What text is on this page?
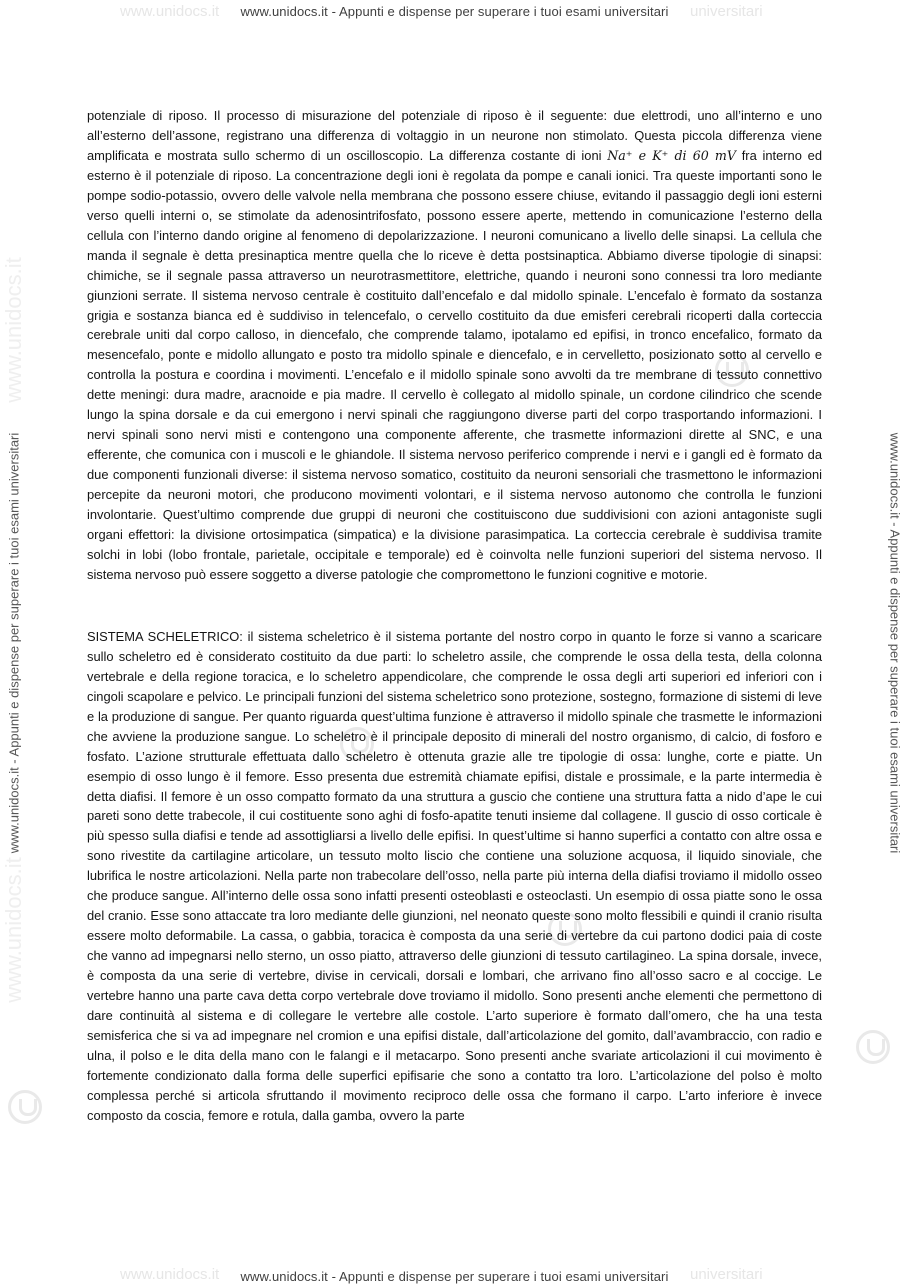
www.unidocs.it	universitari
www.unidocs.it	universitari
www.unidocs.it - Appunti e dispense per superare i tuoi esami universitari
www.unidocs.it
www.unidocs.it
www.unidocs.it - Appunti e dispense per superare i tuoi esami universitari	www.unidocs.it - Appunti e dispense per superare i tuoi esami universitari

potenziale di riposo. Il processo di misurazione del potenziale di riposo è il seguente: due elettrodi, uno all’interno e uno all’esterno dell’assone, registrano una differenza di voltaggio in un neurone non stimolato. Questa piccola differenza viene amplificata e mostrata sullo schermo di un oscilloscopio. La differenza costante di ioni Na⁺ e K⁺ di 60 mV fra interno ed esterno è il potenziale di riposo. La concentrazione degli ioni è regolata da pompe e canali ionici. Tra queste importanti sono le pompe sodio-potassio, ovvero delle valvole nella membrana che possono essere chiuse, evitando il passaggio degli ioni esterni verso quelli interni o, se stimolate da adenosintrifosfato, possono essere aperte, mettendo in comunicazione l’esterno della cellula con l’interno dando origine al fenomeno di depolarizzazione. I neuroni comunicano a livello delle sinapsi. La cellula che manda il segnale è detta presinaptica mentre quella che lo riceve è detta postsinaptica. Abbiamo diverse tipologie di sinapsi: chimiche, se il segnale passa attraverso un neurotrasmettitore, elettriche, quando i neuroni sono connessi tra loro mediante giunzioni serrate. Il sistema nervoso centrale è costituito dall’encefalo e dal midollo spinale. L’encefalo è formato da sostanza grigia e sostanza bianca ed è suddiviso in telencefalo, o cervello costituito da due emisferi cerebrali ricoperti dalla corteccia cerebrale uniti dal corpo calloso, in diencefalo, che comprende talamo, ipotalamo ed epifisi, in tronco encefalico, formato da mesencefalo, ponte e midollo allungato e posto tra midollo spinale e diencefalo, e in cervelletto, posizionato sotto al cervello e controlla la postura e coordina i movimenti. L’encefalo e il midollo spinale sono avvolti da tre membrane di tessuto connettivo dette meningi: dura madre, aracnoide e pia madre. Il cervello è collegato al midollo spinale, un cordone cilindrico che scende lungo la spina dorsale e da cui emergono i nervi spinali che raggiungono diverse parti del corpo trasportando informazioni. I nervi spinali sono nervi misti e contengono una componente afferente, che trasmette informazioni dirette al SNC, e una efferente, che comunica con i muscoli e le ghiandole. Il sistema nervoso periferico comprende i nervi e i gangli ed è formato da due componenti funzionali diverse: il sistema nervoso somatico, costituito da neuroni sensoriali che trasmettono le informazioni percepite da neuroni motori, che producono movimenti volontari, e il sistema nervoso autonomo che controlla le funzioni involontarie. Quest’ultimo comprende due gruppi di neuroni che costituiscono due suddivisioni con azioni antagoniste sugli organi effettori: la divisione ortosimpatica (simpatica) e la divisione parasimpatica. La corteccia cerebrale è suddivisa tramite solchi in lobi (lobo frontale, parietale, occipitale e temporale) ed è coinvolta nelle funzioni superiori del sistema nervoso. Il sistema nervoso può essere soggetto a diverse patologie che compromettono le funzioni cognitive e motorie.

SISTEMA SCHELETRICO: il sistema scheletrico è il sistema portante del nostro corpo in quanto le forze si vanno a scaricare sullo scheletro ed è considerato costituito da due parti: lo scheletro assile, che comprende le ossa della testa, della colonna vertebrale e della regione toracica, e lo scheletro appendicolare, che comprende le ossa degli arti superiori ed inferiori con i cingoli scapolare e pelvico. Le principali funzioni del sistema scheletrico sono protezione, sostegno, formazione di sistemi di leve e la produzione di sangue. Per quanto riguarda quest’ultima funzione è attraverso il midollo spinale che trasmette le informazioni che avviene la produzione sangue. Lo scheletro è il principale deposito di minerali del nostro organismo, di calcio, di fosforo e fosfato. L’azione strutturale effettuata dallo scheletro è ottenuta grazie alle tre tipologie di ossa: lunghe, corte e piatte. Un esempio di osso lungo è il femore. Esso presenta due estremità chiamate epifisi, distale e prossimale, e la parte intermedia è detta diafisi. Il femore è un osso compatto formato da una struttura a guscio che contiene una struttura fatta a nido d’ape le cui pareti sono dette trabecole, il cui costituente sono aghi di fosfo-apatite tenuti insieme dal collagene. Il guscio di osso corticale è più spesso sulla diafisi e tende ad assottigliarsi a livello delle epifisi. In quest’ultime si hanno superfici a contatto con altre ossa e sono rivestite da cartilagine articolare, un tessuto molto liscio che contiene una soluzione acquosa, il liquido sinoviale, che lubrifica le nostre articolazioni. Nella parte non trabecolare dell’osso, nella parte più interna della diafisi troviamo il midollo osseo che produce sangue. All’interno delle ossa sono infatti presenti osteoblasti e osteoclasti. Un esempio di ossa piatte sono le ossa del cranio. Esse sono attaccate tra loro mediante delle giunzioni, nel neonato queste sono molto flessibili e quindi il cranio risulta essere molto deformabile. La cassa, o gabbia, toracica è composta da una serie di vertebre da cui partono dodici paia di coste che vanno ad impegnarsi nello sterno, un osso piatto, attraverso delle giunzioni di tessuto cartilagineo. La spina dorsale, invece, è composta da una serie di vertebre, divise in cervicali, dorsali e lombari, che arrivano fino all’osso sacro e al coccige. Le vertebre hanno una parte cava detta corpo vertebrale dove troviamo il midollo. Sono presenti anche elementi che permettono di dare continuità al sistema e di collegare le vertebre alle costole. L’arto superiore è formato dall’omero, che ha una testa semisferica che si va ad impegnare nel cromion e una epifisi distale, dall’articolazione del gomito, dall’avambraccio, con radio e ulna, il polso e le dita della mano con le falangi e il metacarpo. Sono presenti anche svariate articolazioni il cui movimento è fortemente condizionato dalla forma delle superfici epifisarie che sono a contatto tra loro. L’articolazione del polso è molto complessa perché si articola sfruttando il movimento reciproco delle ossa che formano il carpo. L’arto inferiore è invece composto da coscia, femore e rotula, dalla gamba, ovvero la parte

www.unidocs.it - Appunti e dispense per superare i tuoi esami universitari
